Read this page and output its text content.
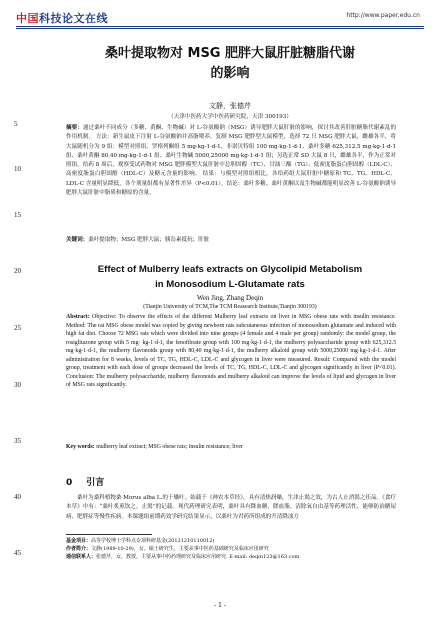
中国科技论文在线	http://www.paper.edu.cn
5
10
15
20
25
30
35
40
45
桑叶提取物对 MSG 肥胖大鼠肝脏糖脂代谢
的影响
文静，张德芹
（天津中医药大学中医药研究院，天津 300193）
摘要：通过桑叶不同成分（多糖、黄酮、生物碱）对 L-谷氨酸钠（MSG）诱导肥胖大鼠肝脏的影响，探讨其改善肝脏糖脂代谢紊乱的作用机制。 方法：新生鼠皮下注射 L-谷氨酸钠并高脂喂养，复制 MSG 肥胖型大鼠模型，选择 72 只 MSG 肥胖大鼠，雌雄各半，将大鼠随机分为 9 组：模型对照组、罗格列酮组 5 mg·kg-1·d-1、非诺贝特组 100 mg·kg-1·d-1、桑叶多糖 625,312.5 mg·kg-1·d-1 组、桑叶黄酮 80,40 mg·kg-1·d-1 组、桑叶生物碱 5000,25000 mg·kg-1·d-1 组；另选正常 SD 大鼠 8 只，雌雄各半，作为正常对照组，给药 8 周后，观察受试药物对 MSG 肥胖模型大鼠肝脏中总胆固醇（TC）、甘油三酯（TG）、低密度脂蛋白胆固醇（LDL-C）、高密度脂蛋白胆固醇（HDL-C）及糖元含量的影响。 结果：与模型对照组相比，各给药组大鼠肝脏中糖原和 TC、TG、HDL-C、LDL-C 含量明显降低，各个剂量组都有显著性差异（P<0.01）。结论：桑叶多糖、桑叶黄酮以及生物碱都能明显改善 L-谷氨酸钠诱导肥胖大鼠肝脏中脂质和糖原的含量。
关键词：桑叶提取物；MSG 肥胖大鼠；胰岛素抵抗；肝脏
Effect of Mulberry leafs extracts on Glycolipid Metabolism
in Monosodium L-Glutamate rats
Wen Jing, Zhang Deqin
(Tianjin University of TCM,The TCM Reasearch Institute,Tianjin 300193)
Abstract: Objective: To observe the effects of the different Mulberry leaf extracts on liver in MSG obese rats with insulin resistance. Method: The rat MSG obese model was copied by giving newborn rats subcutaneous infection of monosodium glutamate and induced with high fat diet. Choose 72 MSG rats which were divided into nine groups (4 female and 4 male per group) randomly: the model group, the rosiglitazone group with 5 mg· kg-1·d-1, the fenofibrate group with 100 mg·kg-1·d-1, the mulberry polysaccharide group with 625,312.5 mg·kg-1·d-1, the mulberry flavonoids group with 80,40 mg·kg-1·d-1, the mulberry alkaloid group with 5000,25000 mg·kg-1·d-1. After administration for 8 weeks, levels of TC, TG, HDL-C, LDL-C and glycogen in liver were measured. Result: Compared with the model group, treatment with each dose of groups decreased the levels of TC, TG, HDL-C, LDL-C and glycogen significantly in liver (P<0.01). Conclusion: The mulberry polysaccharide, mulberry flavonoids and mulberry alkaloid can improve the levels of lipid and glycogen in liver of MSG rats significantly.
Key words: mulberry leaf extract; MSG obese rats; insulin resistance; liver
0 引言
桑叶为桑科植物桑 Morus alba L.的干燥叶。始载于《神农本草经》，具有清热润燥，生津止渴之效，为古人止消渴之佳品。《食疗本草》中有：“桑叶炙煎饮之，止渴”的记载。现代药理研究表明，桑叶具有降血糖、降血脂、清除氧自由基等药理活性，能够防治糖尿病、肥胖症等慢性疾病。本课题组前期药效学研究结果显示，以桑叶为君药所组成的升清降浊方
基金项目：高等学校博士学科点专项科研基金(20121210110012)
作者简介：文静(1989-10-29)，女，硕士研究生，主要从事中医药基础研究及临床应用研究
通信联系人：张德芹，女，教授，主要从事中药药理研究及临床应用研究. E-mail: deqin123@163.com
- 1 -
